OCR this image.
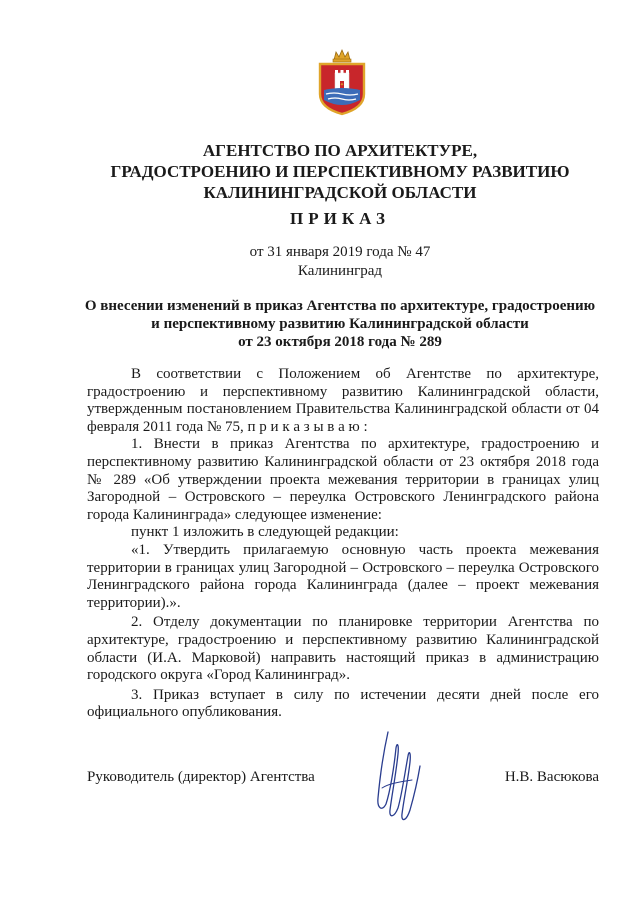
✦
АГЕНТСТВО ПО АРХИТЕКТУРЕ,
ГРАДОСТРОЕНИЮ И ПЕРСПЕКТИВНОМУ РАЗВИТИЮ
КАЛИНИНГРАДСКОЙ ОБЛАСТИ
ПРИКАЗ
от 31 января 2019 года № 47
Калининград
О внесении изменений в приказ Агентства по архитектуре, градостроению
и перспективному развитию Калининградской области
от 23 октября 2018 года № 289

В соответствии с Положением об Агентстве по архитектуре, градостроению и перспективному развитию Калининградской области, утвержденным постановлением Правительства Калининградской области от 04 февраля 2011 года № 75, п р и к а з ы в а ю :

1. Внести в приказ Агентства по архитектуре, градостроению и перспективному развитию Калининградской области от 23 октября 2018 года № 289 «Об утверждении проекта межевания территории в границах улиц Загородной – Островского – переулка Островского Ленинградского района города Калининграда» следующее изменение:

пункт 1 изложить в следующей редакции:

«1. Утвердить прилагаемую основную часть проекта межевания территории в границах улиц Загородной – Островского – переулка Островского Ленинградского района города Калининграда (далее – проект межевания территории).».

2. Отделу документации по планировке территории Агентства по архитектуре, градостроению и перспективному развитию Калининградской области (И.А. Марковой) направить настоящий приказ в администрацию городского округа «Город Калининград».

3. Приказ вступает в силу по истечении десяти дней после его официального опубликования.

Руководитель (директор) Агентства	Н.В. Васюкова
